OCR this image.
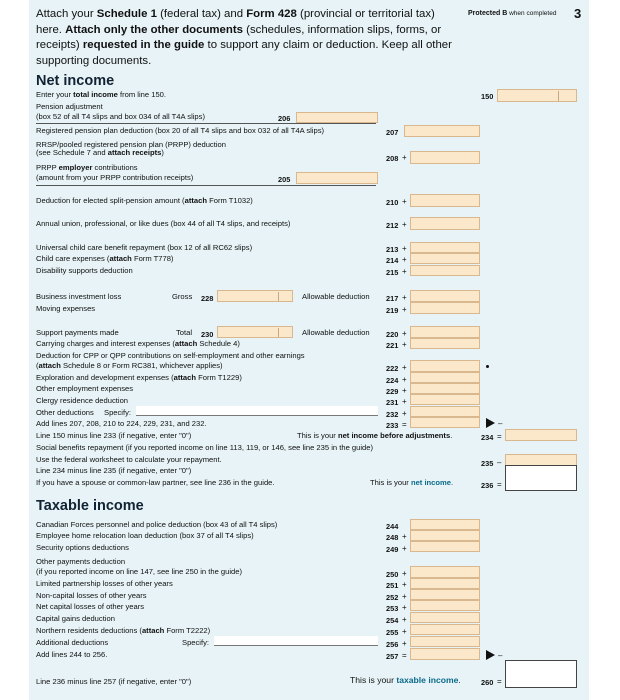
Attach your Schedule 1 (federal tax) and Form 428 (provincial or territorial tax) here. Attach only the other documents (schedules, information slips, forms, or receipts) requested in the guide to support any claim or deduction. Keep all other supporting documents.
Protected B when completed 3
Net income
Enter your total income from line 150.	150
Pension adjustment
(box 52 of all T4 slips and box 034 of all T4A slips)	206
Registered pension plan deduction (box 20 of all T4 slips and box 032 of all T4A slips)	207
RRSP/pooled registered pension plan (PRPP) deduction
(see Schedule 7 and attach receipts)
208 +
PRPP employer contributions
(amount from your PRPP contribution receipts)	205
Deduction for elected split-pension amount (attach Form T1032)	210 +
Annual union, professional, or like dues (box 44 of all T4 slips, and receipts)	212 +
Universal child care benefit repayment (box 12 of all RC62 slips)	213 +
Child care expenses (attach Form T778)	214 +
Disability supports deduction	215 +
Business investment loss	Gross 228	Allowable deduction 217 +
Moving expenses	219 +
Support payments made	Total 230	Allowable deduction 220 +
Carrying charges and interest expenses (attach Schedule 4)	221 +
Deduction for CPP or QPP contributions on self-employment and other earnings
(attach Schedule 8 or Form RC381, whichever applies)	222 +
Exploration and development expenses (attach Form T1229)	224 +
Other employment expenses	229 +
Clergy residence deduction	231 +
Other deductions Specify:	232 +
Add lines 207, 208, 210 to 224, 229, 231, and 232.	233 =	–
Line 150 minus line 233 (if negative, enter "0")	This is your net income before adjustments.	234 =
Social benefits repayment (if you reported income on line 113, 119, or 146, see line 235 in the guide)
Use the federal worksheet to calculate your repayment.	235 –
Line 234 minus line 235 (if negative, enter "0")
If you have a spouse or common-law partner, see line 236 in the guide.	This is your net income.	236 =
Taxable income
Canadian Forces personnel and police deduction (box 43 of all T4 slips)	244
Employee home relocation loan deduction (box 37 of all T4 slips)	248 +
Security options deductions	249 +
Other payments deduction
(if you reported income on line 147, see line 250 in the guide)	250 +
Limited partnership losses of other years	251 +
Non-capital losses of other years	252 +
Net capital losses of other years	253 +
Capital gains deduction	254 +
Northern residents deductions (attach Form T2222)	255 +
Additional deductions	Specify:	256 +
Add lines 244 to 256.	257 =	–
Line 236 minus line 257 (if negative, enter "0")	This is your taxable income.	260 =
